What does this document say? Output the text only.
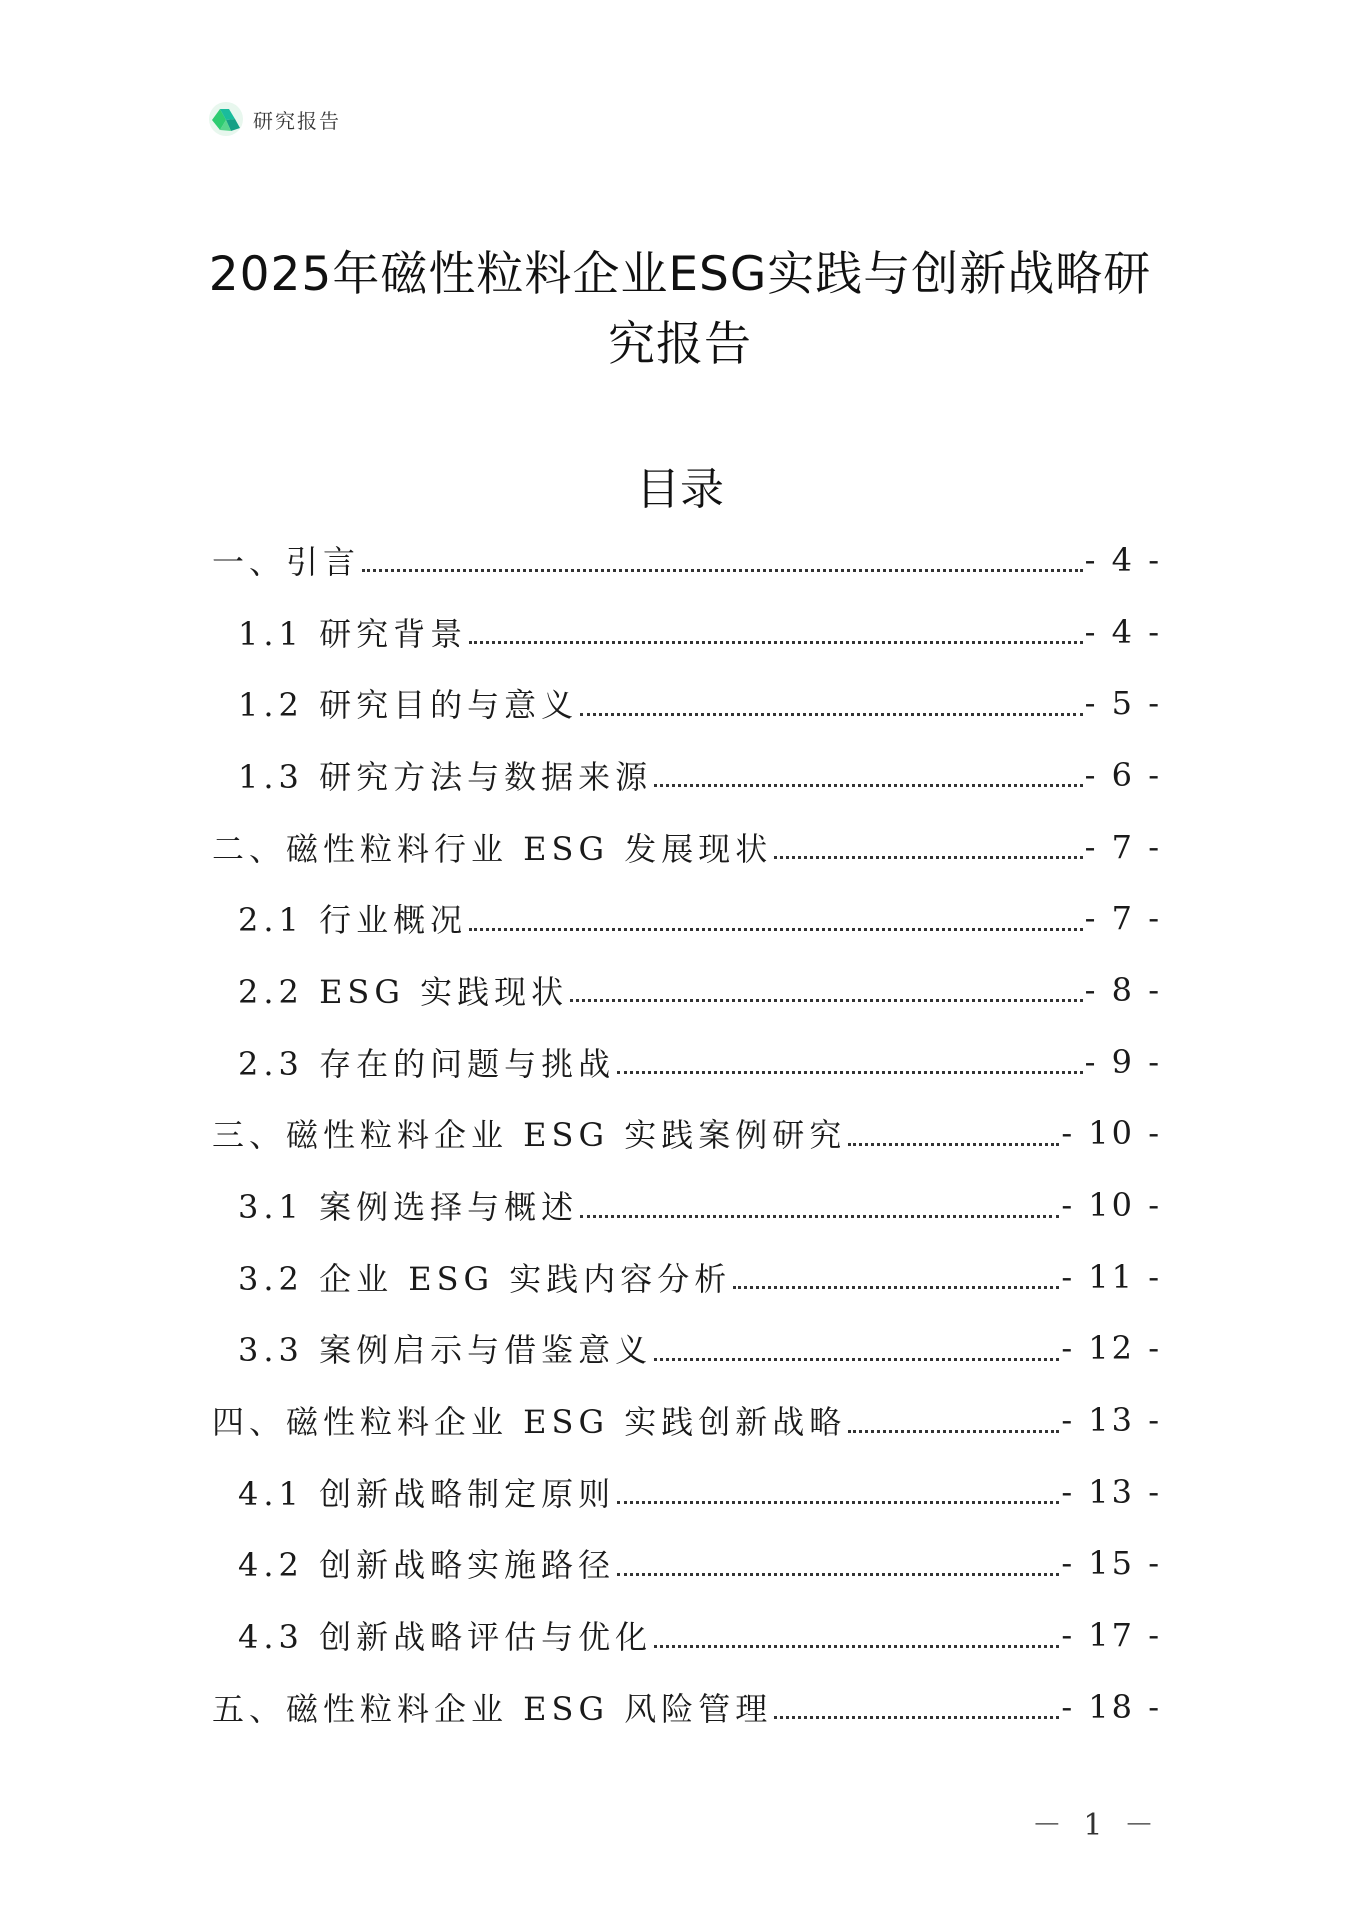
研究报告
2025年磁性粒料企业ESG实践与创新战略研
究报告
目录
一、引言	- 4 -
1.1 研究背景	- 4 -
1.2 研究目的与意义	- 5 -
1.3 研究方法与数据来源	- 6 -
二、磁性粒料行业 ESG 发展现状	- 7 -
2.1 行业概况	- 7 -
2.2 ESG 实践现状	- 8 -
2.3 存在的问题与挑战	- 9 -
三、磁性粒料企业 ESG 实践案例研究	- 10 -
3.1 案例选择与概述	- 10 -
3.2 企业 ESG 实践内容分析	- 11 -
3.3 案例启示与借鉴意义	- 12 -
四、磁性粒料企业 ESG 实践创新战略	- 13 -
4.1 创新战略制定原则	- 13 -
4.2 创新战略实施路径	- 15 -
4.3 创新战略评估与优化	- 17 -
五、磁性粒料企业 ESG 风险管理	- 18 -
－ 1 －
